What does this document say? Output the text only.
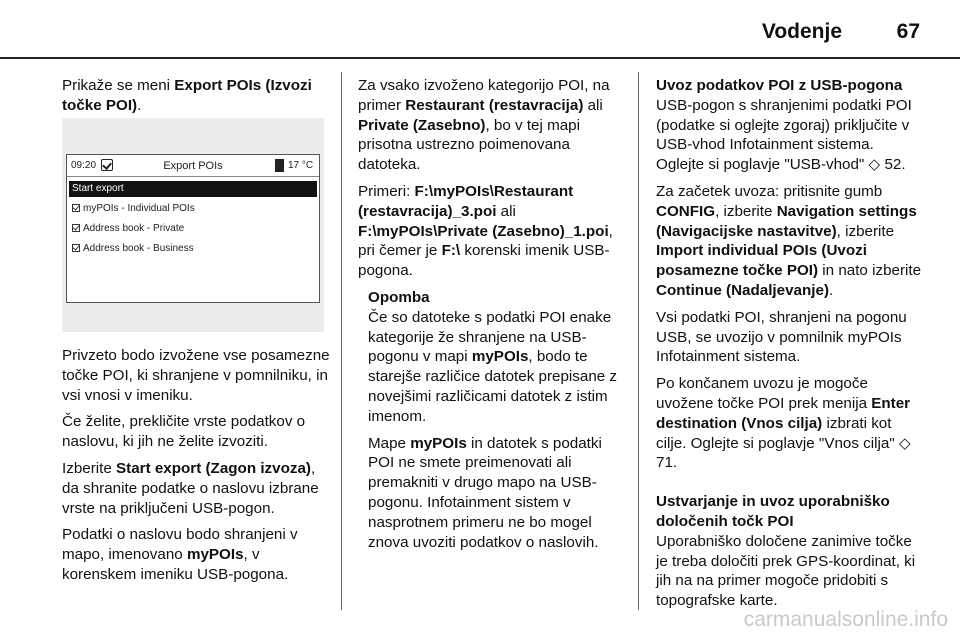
Vodenje	67

Prikaže se meni Export POIs (Izvozi točke POI).

09:20	Export POIs	17 °C
Start export
myPOIs - Individual POIs
Address book - Private
Address book - Business

Privzeto bodo izvožene vse posamezne točke POI, ki shranjene v pomnilniku, in vsi vnosi v imeniku.

Če želite, prekličite vrste podatkov o naslovu, ki jih ne želite izvoziti.

Izberite Start export (Zagon izvoza), da shranite podatke o naslovu izbrane vrste na priključeni USB-pogon.

Podatki o naslovu bodo shranjeni v mapo, imenovano myPOIs, v korenskem imeniku USB-pogona.

Za vsako izvoženo kategorijo POI, na primer Restaurant (restavracija) ali Private (Zasebno), bo v tej mapi prisotna ustrezno poimenovana datoteka.

Primeri: F:\myPOIs\Restaurant (restavracija)_3.poi ali F:\myPOIs\Private (Zasebno)_1.poi, pri čemer je F:\ korenski imenik USB-pogona.

Opomba

Če so datoteke s podatki POI enake kategorije že shranjene na USB-pogonu v mapi myPOIs, bodo te starejše različice datotek prepisane z novejšimi različicami datotek z istim imenom.

Mape myPOIs in datotek s podatki POI ne smete preimenovati ali premakniti v drugo mapo na USB-pogonu. Infotainment sistem v nasprotnem primeru ne bo mogel znova uvoziti podatkov o naslovih.

Uvoz podatkov POI z USB-pogona

USB-pogon s shranjenimi podatki POI (podatke si oglejte zgoraj) priključite v USB-vhod Infotainment sistema. Oglejte si poglavje "USB-vhod" ◇ 52.

Za začetek uvoza: pritisnite gumb CONFIG, izberite Navigation settings (Navigacijske nastavitve), izberite Import individual POIs (Uvozi posamezne točke POI) in nato izberite Continue (Nadaljevanje).

Vsi podatki POI, shranjeni na pogonu USB, se uvozijo v pomnilnik myPOIs Infotainment sistema.

Po končanem uvozu je mogoče uvožene točke POI prek menija Enter destination (Vnos cilja) izbrati kot cilje. Oglejte si poglavje "Vnos cilja" ◇ 71.

Ustvarjanje in uvoz uporabniško določenih točk POI

Uporabniško določene zanimive točke je treba določiti prek GPS-koordinat, ki jih na na primer mogoče pridobiti s topografske karte.

carmanualsonline.info
